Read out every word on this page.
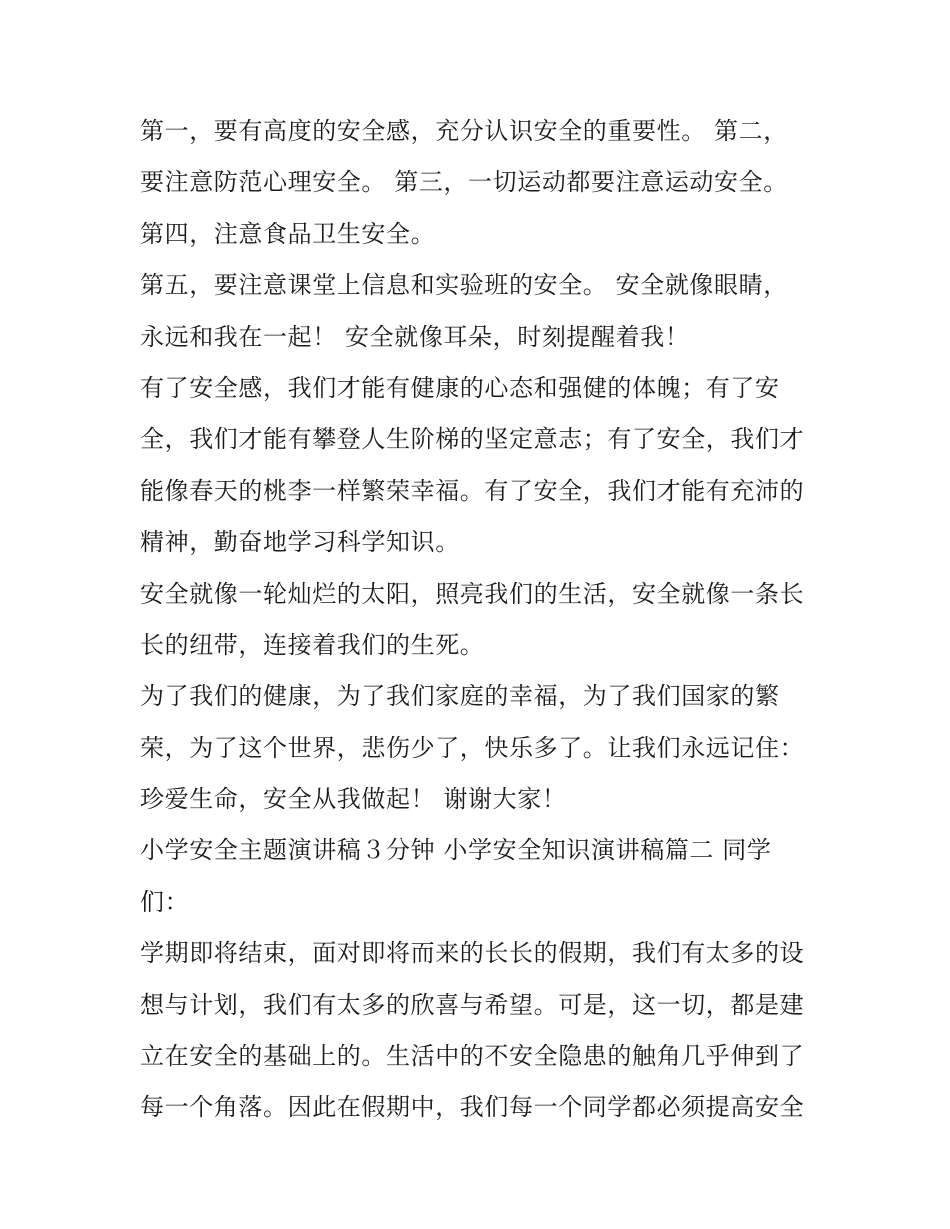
第一，要有高度的安全感，充分认识安全的重要性。 第二，
要注意防范心理安全。 第三，一切运动都要注意运动安全。
第四，注意食品卫生安全。
第五，要注意课堂上信息和实验班的安全。 安全就像眼睛，
永远和我在一起！ 安全就像耳朵，时刻提醒着我！
有了安全感，我们才能有健康的心态和强健的体魄；有了安
全，我们才能有攀登人生阶梯的坚定意志；有了安全，我们才
能像春天的桃李一样繁荣幸福。有了安全，我们才能有充沛的
精神，勤奋地学习科学知识。
安全就像一轮灿烂的太阳，照亮我们的生活，安全就像一条长
长的纽带，连接着我们的生死。
为了我们的健康，为了我们家庭的幸福，为了我们国家的繁
荣，为了这个世界，悲伤少了，快乐多了。让我们永远记住：
珍爱生命，安全从我做起！ 谢谢大家！
小学安全主题演讲稿３分钟 小学安全知识演讲稿篇二 同学
们：
学期即将结束，面对即将而来的长长的假期，我们有太多的设
想与计划，我们有太多的欣喜与希望。可是，这一切，都是建
立在安全的基础上的。生活中的不安全隐患的触角几乎伸到了
每一个角落。因此在假期中，我们每一个同学都必须提高安全
